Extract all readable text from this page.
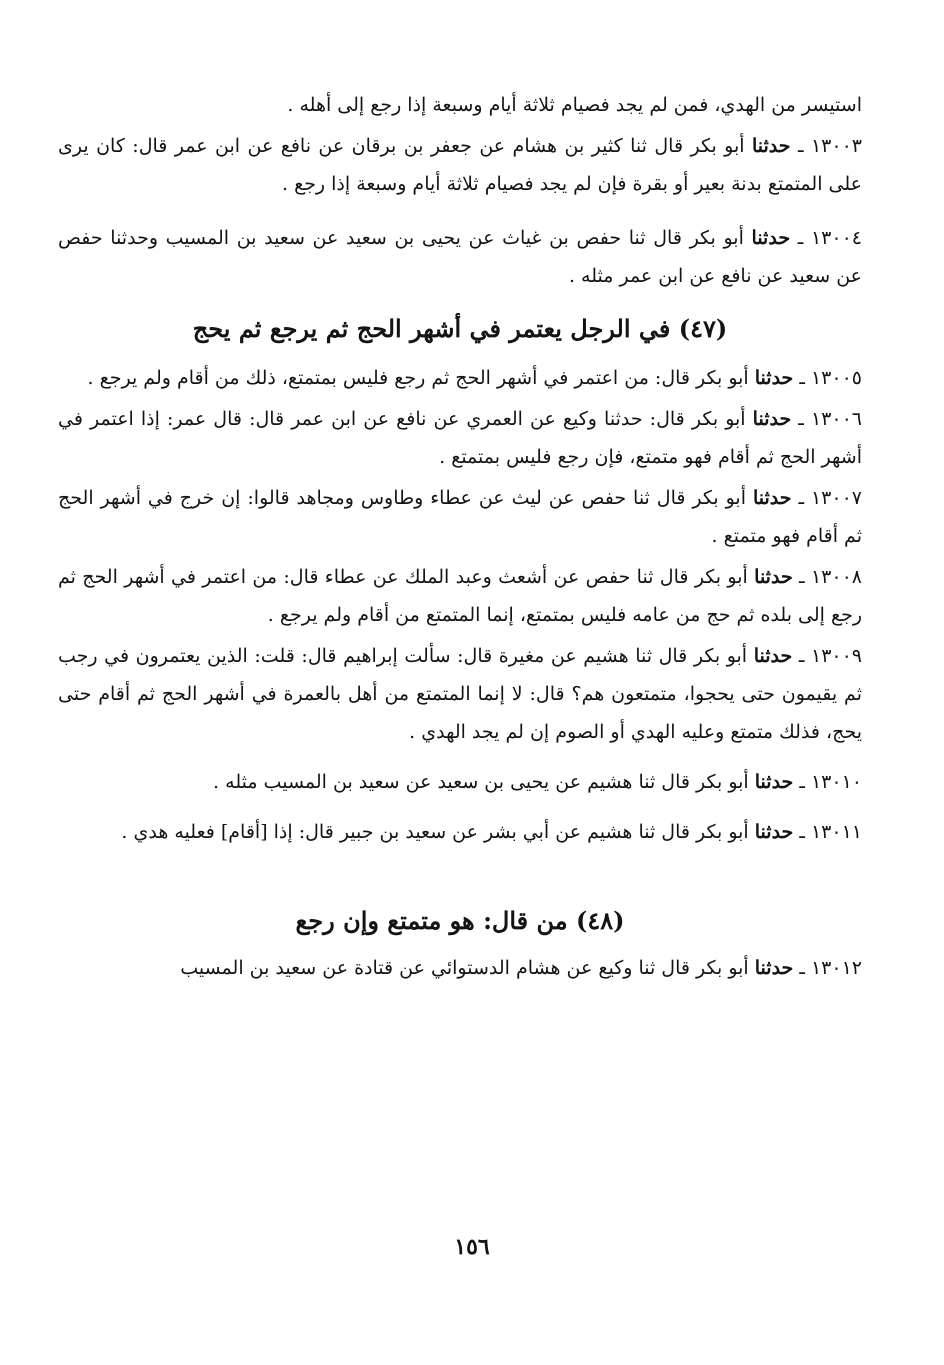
استيسر من الهدي، فمن لم يجد فصيام ثلاثة أيام وسبعة إذا رجع إلى أهله .

١٣٠٠٣ ـ حدثنا أبو بكر قال ثنا كثير بن هشام عن جعفر بن برقان عن نافع عن ابن عمر قال: كان يرى على المتمتع بدنة بعير أو بقرة فإن لم يجد فصيام ثلاثة أيام وسبعة إذا رجع .

١٣٠٠٤ ـ حدثنا أبو بكر قال ثنا حفص بن غياث عن يحيى بن سعيد عن سعيد بن المسيب وحدثنا حفص عن سعيد عن نافع عن ابن عمر مثله .

(٤٧) في الرجل يعتمر في أشهر الحج ثم يرجع ثم يحج

١٣٠٠٥ ـ حدثنا أبو بكر قال: من اعتمر في أشهر الحج ثم رجع فليس بمتمتع، ذلك من أقام ولم يرجع .

١٣٠٠٦ ـ حدثنا أبو بكر قال: حدثنا وكيع عن العمري عن نافع عن ابن عمر قال: قال عمر: إذا اعتمر في أشهر الحج ثم أقام فهو متمتع، فإن رجع فليس بمتمتع .

١٣٠٠٧ ـ حدثنا أبو بكر قال ثنا حفص عن ليث عن عطاء وطاوس ومجاهد قالوا: إن خرج في أشهر الحج ثم أقام فهو متمتع .

١٣٠٠٨ ـ حدثنا أبو بكر قال ثنا حفص عن أشعث وعبد الملك عن عطاء قال: من اعتمر في أشهر الحج ثم رجع إلى بلده ثم حج من عامه فليس بمتمتع، إنما المتمتع من أقام ولم يرجع .

١٣٠٠٩ ـ حدثنا أبو بكر قال ثنا هشيم عن مغيرة قال: سألت إبراهيم قال: قلت: الذين يعتمرون في رجب ثم يقيمون حتى يحجوا، متمتعون هم؟ قال: لا إنما المتمتع من أهل بالعمرة في أشهر الحج ثم أقام حتى يحج، فذلك متمتع وعليه الهدي أو الصوم إن لم يجد الهدي .

١٣٠١٠ ـ حدثنا أبو بكر قال ثنا هشيم عن يحيى بن سعيد عن سعيد بن المسيب مثله .

١٣٠١١ ـ حدثنا أبو بكر قال ثنا هشيم عن أبي بشر عن سعيد بن جبير قال: إذا [أقام] فعليه هدي .

(٤٨) من قال: هو متمتع وإن رجع

١٣٠١٢ ـ حدثنا أبو بكر قال ثنا وكيع عن هشام الدستوائي عن قتادة عن سعيد بن المسيب

١٥٦
